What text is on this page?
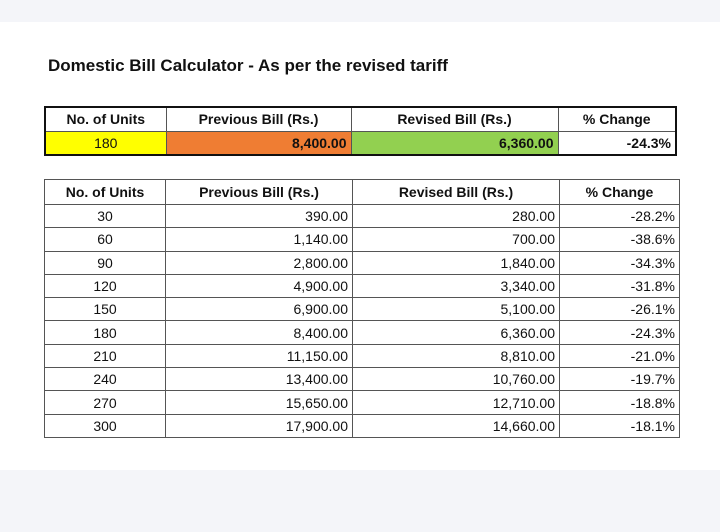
Domestic Bill Calculator - As per the revised tariff
No. of Units	Previous Bill (Rs.)	Revised Bill (Rs.)	% Change
180	8,400.00	6,360.00	-24.3%
No. of Units	Previous Bill (Rs.)	Revised Bill (Rs.)	% Change
30	390.00	280.00	-28.2%
60	1,140.00	700.00	-38.6%
90	2,800.00	1,840.00	-34.3%
120	4,900.00	3,340.00	-31.8%
150	6,900.00	5,100.00	-26.1%
180	8,400.00	6,360.00	-24.3%
210	11,150.00	8,810.00	-21.0%
240	13,400.00	10,760.00	-19.7%
270	15,650.00	12,710.00	-18.8%
300	17,900.00	14,660.00	-18.1%
